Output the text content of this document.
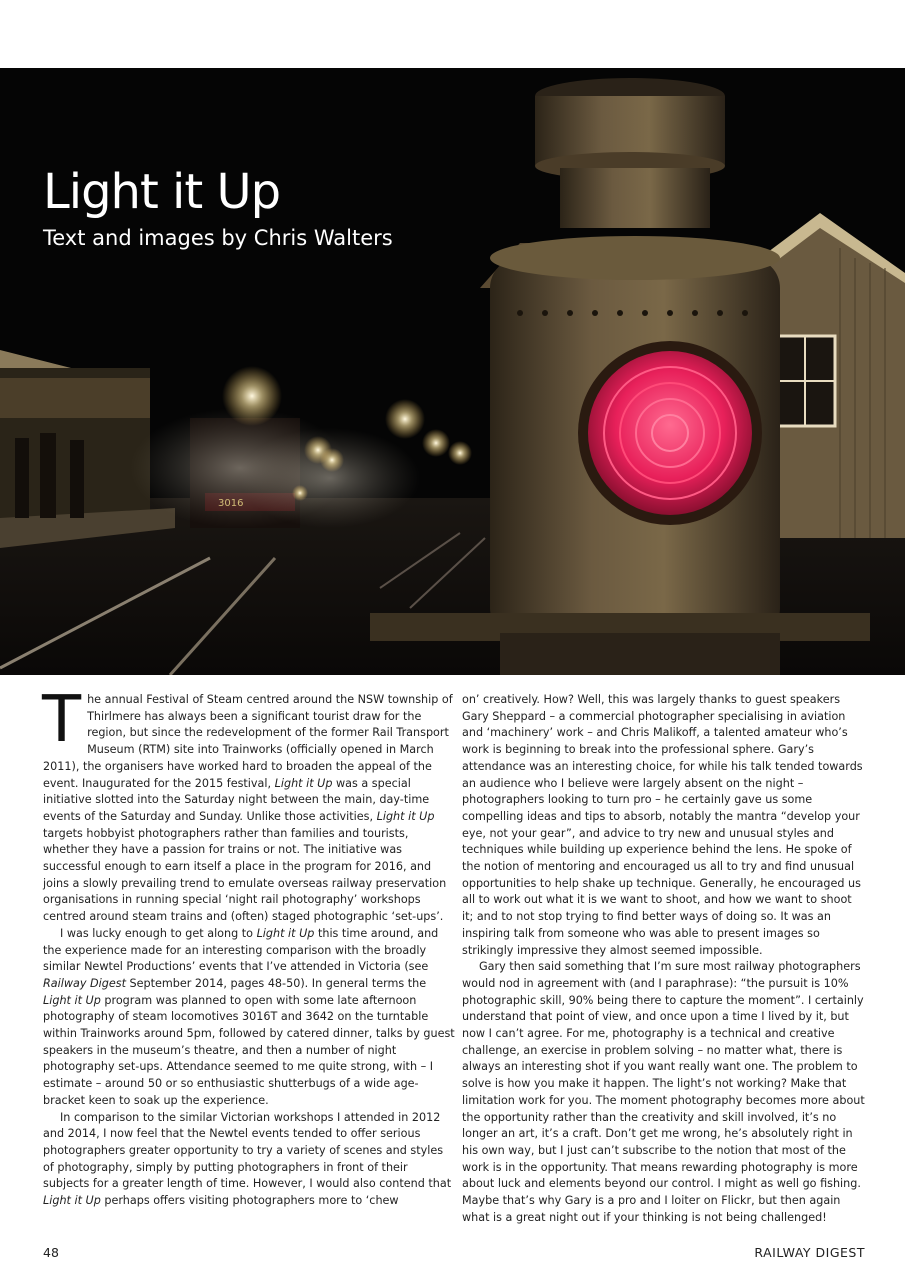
Light it Up
Text and images by Chris Walters

The annual Festival of Steam centred around the NSW township of Thirlmere has always been a significant tourist draw for the region, but since the redevelopment of the former Rail Transport Museum (RTM) site into Trainworks (officially opened in March 2011), the organisers have worked hard to broaden the appeal of the event. Inaugurated for the 2015 festival, Light it Up was a special initiative slotted into the Saturday night between the main, day-time events of the Saturday and Sunday. Unlike those activities, Light it Up targets hobbyist photographers rather than families and tourists, whether they have a passion for trains or not. The initiative was successful enough to earn itself a place in the program for 2016, and joins a slowly prevailing trend to emulate overseas railway preservation organisations in running special ‘night rail photography’ workshops centred around steam trains and (often) staged photographic ‘set-ups’.

I was lucky enough to get along to Light it Up this time around, and the experience made for an interesting comparison with the broadly similar Newtel Productions’ events that I’ve attended in Victoria (see Railway Digest September 2014, pages 48-50). In general terms the Light it Up program was planned to open with some late afternoon photography of steam locomotives 3016T and 3642 on the turntable within Trainworks around 5pm, followed by catered dinner, talks by guest speakers in the museum’s theatre, and then a number of night photography set-ups. Attendance seemed to me quite strong, with – I estimate – around 50 or so enthusiastic shutterbugs of a wide age-bracket keen to soak up the experience.

In comparison to the similar Victorian workshops I attended in 2012 and 2014, I now feel that the Newtel events tended to offer serious photographers greater opportunity to try a variety of scenes and styles of photography, simply by putting photographers in front of their subjects for a greater length of time. However, I would also contend that Light it Up perhaps offers visiting photographers more to ‘chew

on’ creatively. How? Well, this was largely thanks to guest speakers Gary Sheppard – a commercial photographer specialising in aviation and ‘machinery’ work – and Chris Malikoff, a talented amateur who’s work is beginning to break into the professional sphere. Gary’s attendance was an interesting choice, for while his talk tended towards an audience who I believe were largely absent on the night – photographers looking to turn pro – he certainly gave us some compelling ideas and tips to absorb, notably the mantra “develop your eye, not your gear”, and advice to try new and unusual styles and techniques while building up experience behind the lens. He spoke of the notion of mentoring and encouraged us all to try and find unusual opportunities to help shake up technique. Generally, he encouraged us all to work out what it is we want to shoot, and how we want to shoot it; and to not stop trying to find better ways of doing so. It was an inspiring talk from someone who was able to present images so strikingly impressive they almost seemed impossible.

Gary then said something that I’m sure most railway photographers would nod in agreement with (and I paraphrase): “the pursuit is 10% photographic skill, 90% being there to capture the moment”. I certainly understand that point of view, and once upon a time I lived by it, but now I can’t agree. For me, photography is a technical and creative challenge, an exercise in problem solving – no matter what, there is always an interesting shot if you want really want one. The problem to solve is how you make it happen. The light’s not working? Make that limitation work for you. The moment photography becomes more about the opportunity rather than the creativity and skill involved, it’s no longer an art, it’s a craft. Don’t get me wrong, he’s absolutely right in his own way, but I just can’t subscribe to the notion that most of the work is in the opportunity. That means rewarding photography is more about luck and elements beyond our control. I might as well go fishing. Maybe that’s why Gary is a pro and I loiter on Flickr, but then again what is a great night out if your thinking is not being challenged!

48	RAILWAY DIGEST
